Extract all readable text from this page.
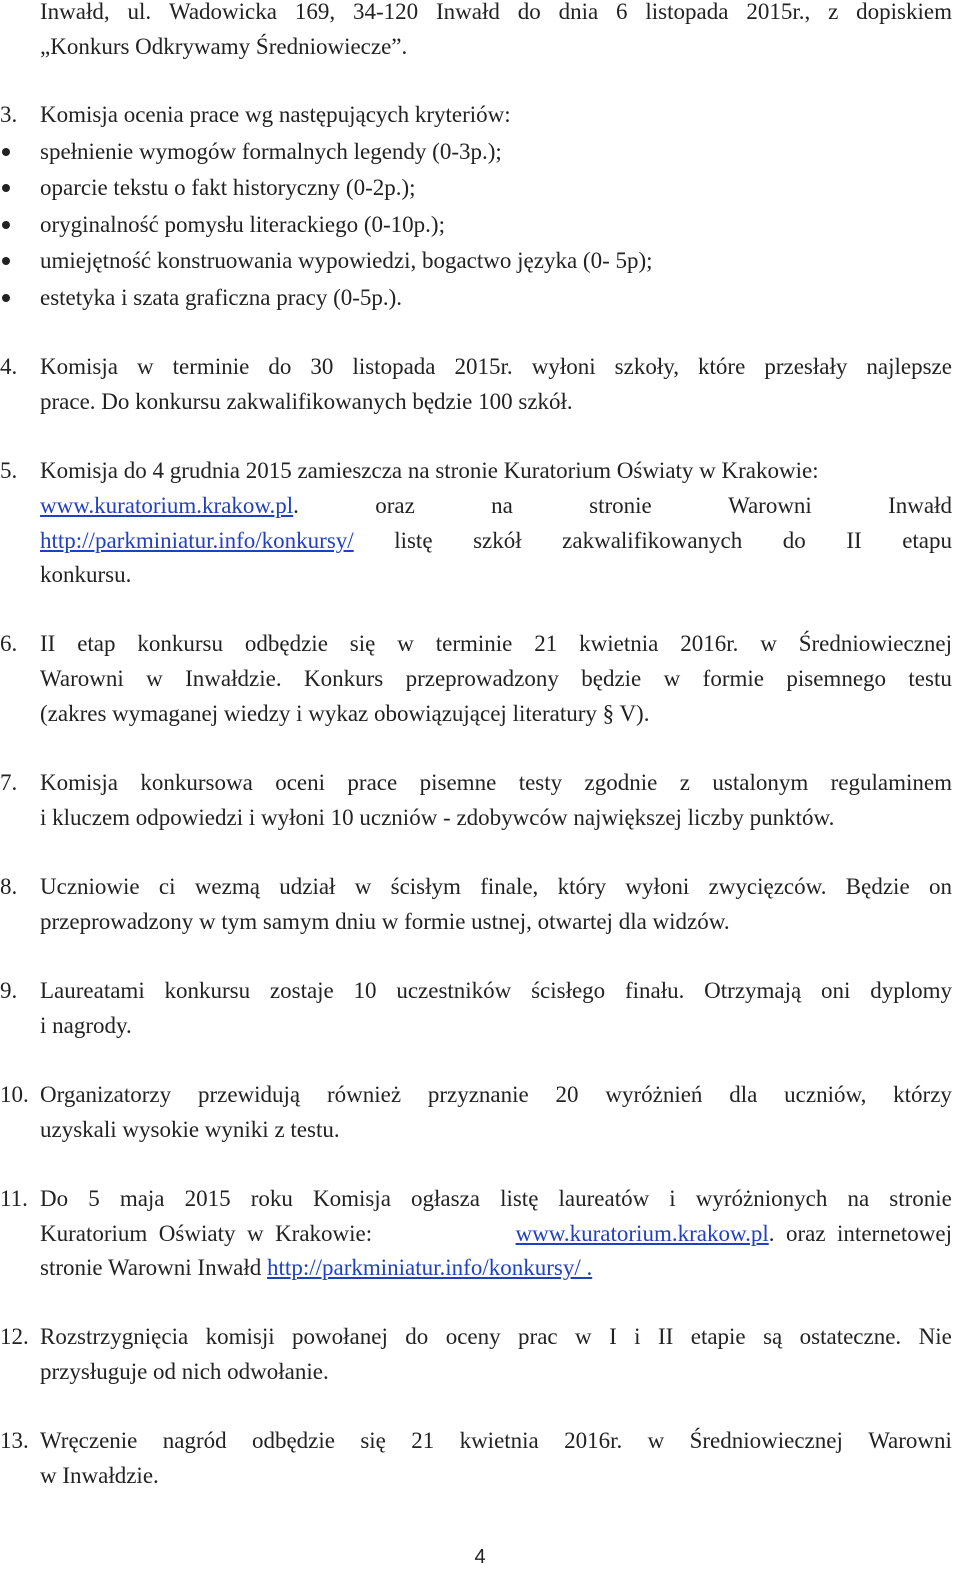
Inwałd, ul. Wadowicka 169, 34-120 Inwałd do dnia 6 listopada 2015r., z dopiskiem
„Konkurs Odkrywamy Średniowiecze”.
3. Komisja ocenia prace wg następujących kryteriów:
spełnienie wymogów formalnych legendy (0-3p.);
oparcie tekstu o fakt historyczny (0-2p.);
oryginalność pomysłu literackiego (0-10p.);
umiejętność konstruowania wypowiedzi, bogactwo języka (0- 5p);
estetyka i szata graficzna pracy (0-5p.).
4. Komisja w terminie do 30 listopada 2015r. wyłoni szkoły, które przesłały najlepsze
prace. Do konkursu zakwalifikowanych będzie 100 szkół.
5. Komisja do 4 grudnia 2015 zamieszcza na stronie Kuratorium Oświaty w Krakowie:
www.kuratorium.krakow.pl.	oraz	na	stronie	Warowni	Inwałd
http://parkminiatur.info/konkursy/ listę szkół zakwalifikowanych do II etapu
konkursu.
6. II etap konkursu odbędzie się w terminie 21 kwietnia 2016r. w Średniowiecznej
Warowni w Inwałdzie. Konkurs przeprowadzony będzie w formie pisemnego testu
(zakres wymaganej wiedzy i wykaz obowiązującej literatury § V).
7. Komisja konkursowa oceni prace pisemne testy zgodnie z ustalonym regulaminem
i kluczem odpowiedzi i wyłoni 10 uczniów - zdobywców największej liczby punktów.
8. Uczniowie ci wezmą udział w ścisłym finale, który wyłoni zwycięzców. Będzie on
przeprowadzony w tym samym dniu w formie ustnej, otwartej dla widzów.
9. Laureatami konkursu zostaje 10 uczestników ścisłego finału. Otrzymają oni dyplomy
i nagrody.
10. Organizatorzy przewidują również przyznanie 20 wyróżnień dla uczniów, którzy
uzyskali wysokie wyniki z testu.
11. Do 5 maja 2015 roku Komisja ogłasza listę laureatów i wyróżnionych na stronie
Kuratorium  Oświaty  w  Krakowie:	www.kuratorium.krakow.pl.  oraz  internetowej
stronie Warowni Inwałd http://parkminiatur.info/konkursy/ .
12. Rozstrzygnięcia komisji powołanej do oceny prac w I i II etapie są ostateczne. Nie
przysługuje od nich odwołanie.
13. Wręczenie nagród odbędzie się 21 kwietnia 2016r. w Średniowiecznej Warowni
w Inwałdzie.
4
